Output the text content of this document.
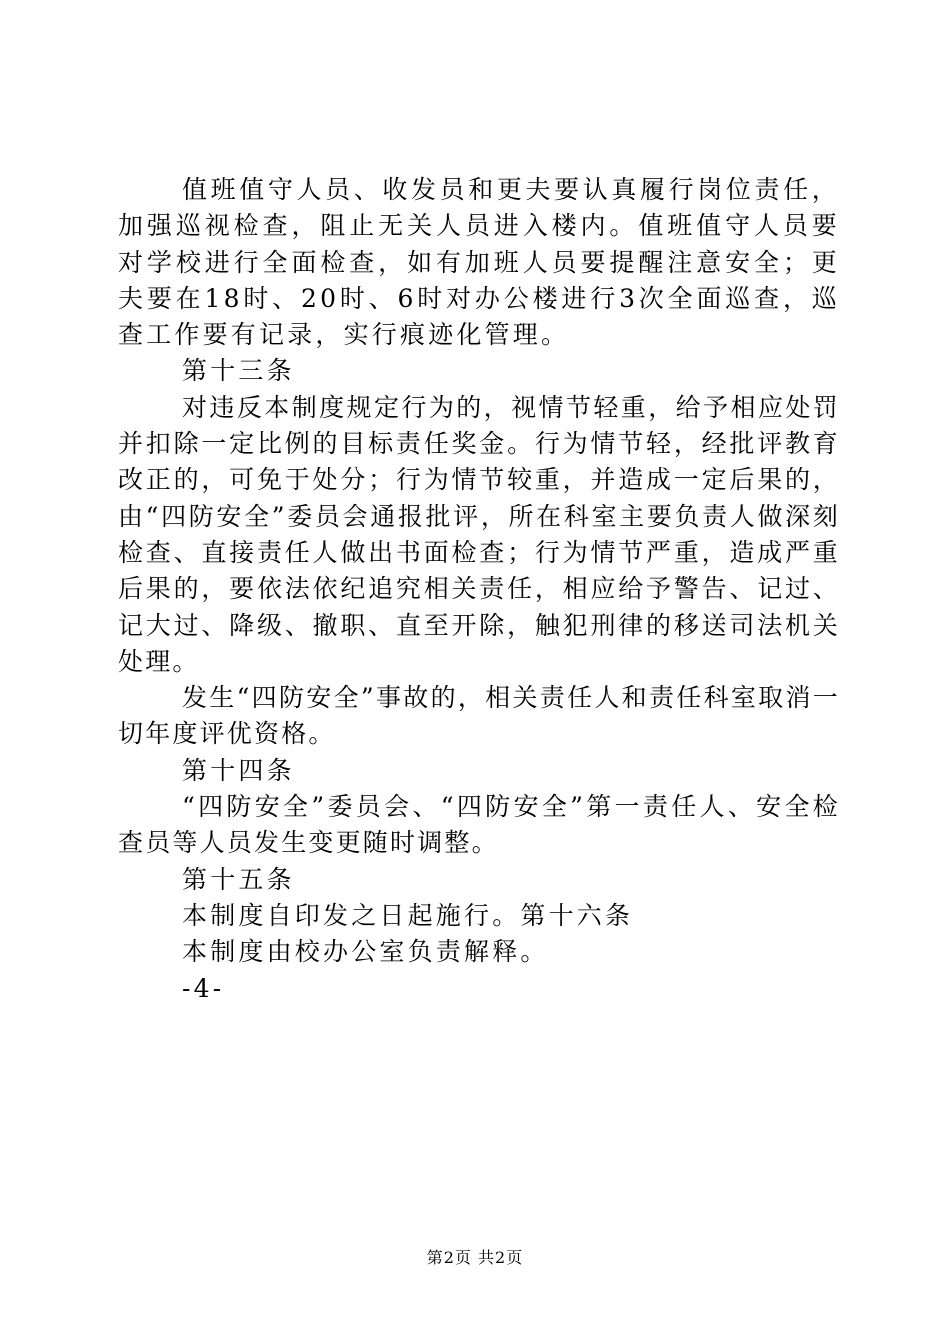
值班值守人员、收发员和更夫要认真履行岗位责任，加强巡视检查，阻止无关人员进入楼内。值班值守人员要对学校进行全面检查，如有加班人员要提醒注意安全；更夫要在18时、20时、6时对办公楼进行3次全面巡查，巡查工作要有记录，实行痕迹化管理。

第十三条

对违反本制度规定行为的，视情节轻重，给予相应处罚并扣除一定比例的目标责任奖金。行为情节轻，经批评教育改正的，可免于处分；行为情节较重，并造成一定后果的，由“四防安全”委员会通报批评，所在科室主要负责人做深刻检查、直接责任人做出书面检查；行为情节严重，造成严重后果的，要依法依纪追究相关责任，相应给予警告、记过、记大过、降级、撤职、直至开除，触犯刑律的移送司法机关处理。

发生“四防安全”事故的，相关责任人和责任科室取消一切年度评优资格。

第十四条

“四防安全”委员会、“四防安全”第一责任人、安全检查员等人员发生变更随时调整。

第十五条

本制度自印发之日起施行。第十六条

本制度由校办公室负责解释。

-4-

第2页 共2页
